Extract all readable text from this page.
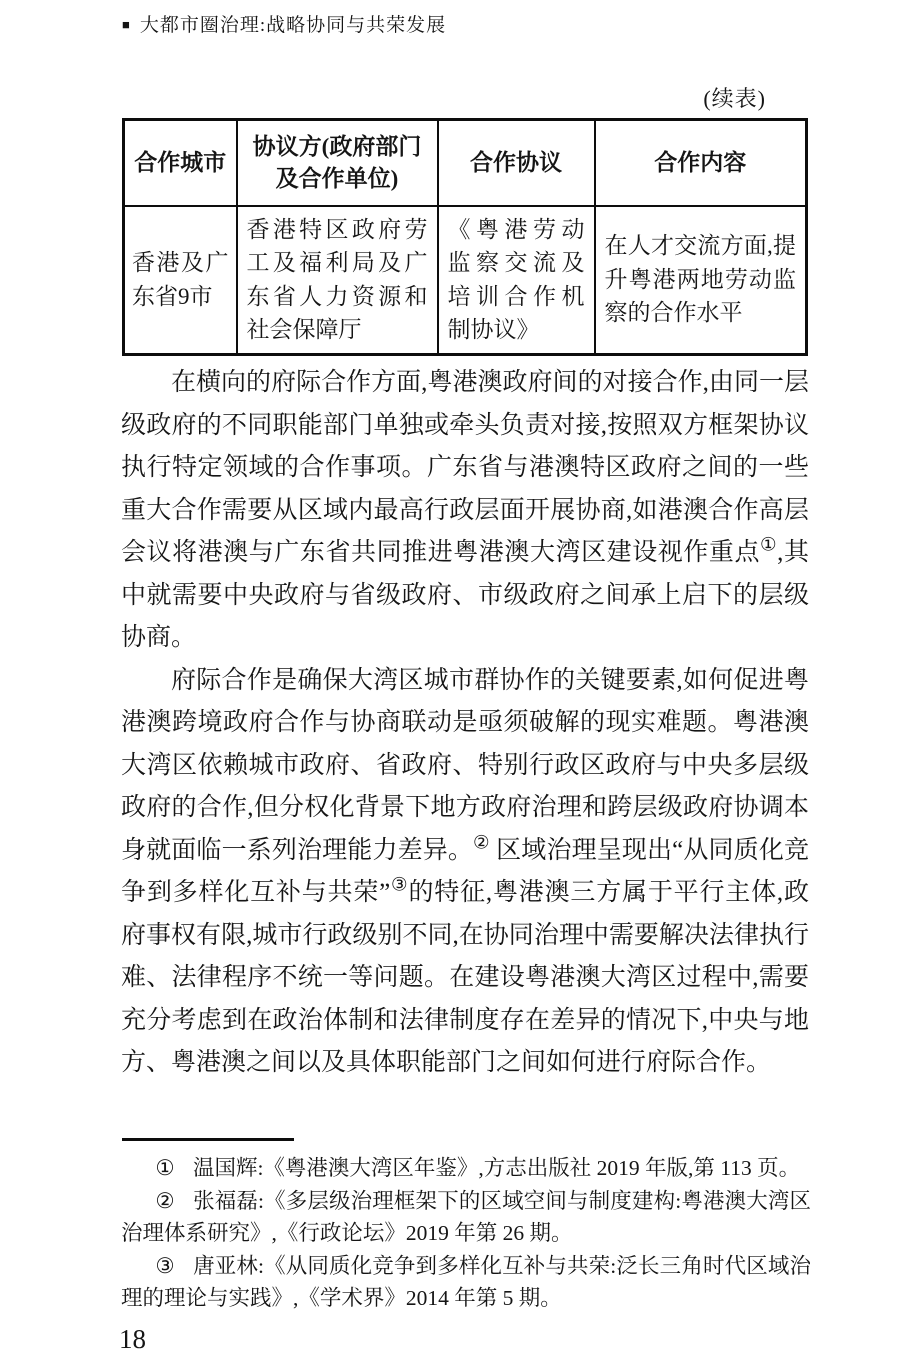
■ 大都市圈治理:战略协同与共荣发展
(续表)
合作城市	协议方(政府部门及合作单位)	合作协议	合作内容
香港及广东省9市	香港特区政府劳工及福利局及广东省人力资源和社会保障厅	《粤港劳动监察交流及培训合作机制协议》	在人才交流方面,提升粤港两地劳动监察的合作水平

在横向的府际合作方面,粤港澳政府间的对接合作,由同一层级政府的不同职能部门单独或牵头负责对接,按照双方框架协议执行特定领域的合作事项。广东省与港澳特区政府之间的一些重大合作需要从区域内最高行政层面开展协商,如港澳合作高层会议将港澳与广东省共同推进粤港澳大湾区建设视作重点①,其中就需要中央政府与省级政府、市级政府之间承上启下的层级协商。

府际合作是确保大湾区城市群协作的关键要素,如何促进粤港澳跨境政府合作与协商联动是亟须破解的现实难题。粤港澳大湾区依赖城市政府、省政府、特别行政区政府与中央多层级政府的合作,但分权化背景下地方政府治理和跨层级政府协调本身就面临一系列治理能力差异。② 区域治理呈现出“从同质化竞争到多样化互补与共荣”③的特征,粤港澳三方属于平行主体,政府事权有限,城市行政级别不同,在协同治理中需要解决法律执行难、法律程序不统一等问题。在建设粤港澳大湾区过程中,需要充分考虑到在政治体制和法律制度存在差异的情况下,中央与地方、粤港澳之间以及具体职能部门之间如何进行府际合作。

① 温国辉:《粤港澳大湾区年鉴》,方志出版社 2019 年版,第 113 页。

② 张福磊:《多层级治理框架下的区域空间与制度建构:粤港澳大湾区治理体系研究》,《行政论坛》2019 年第 26 期。

③ 唐亚林:《从同质化竞争到多样化互补与共荣:泛长三角时代区域治理的理论与实践》,《学术界》2014 年第 5 期。

18
